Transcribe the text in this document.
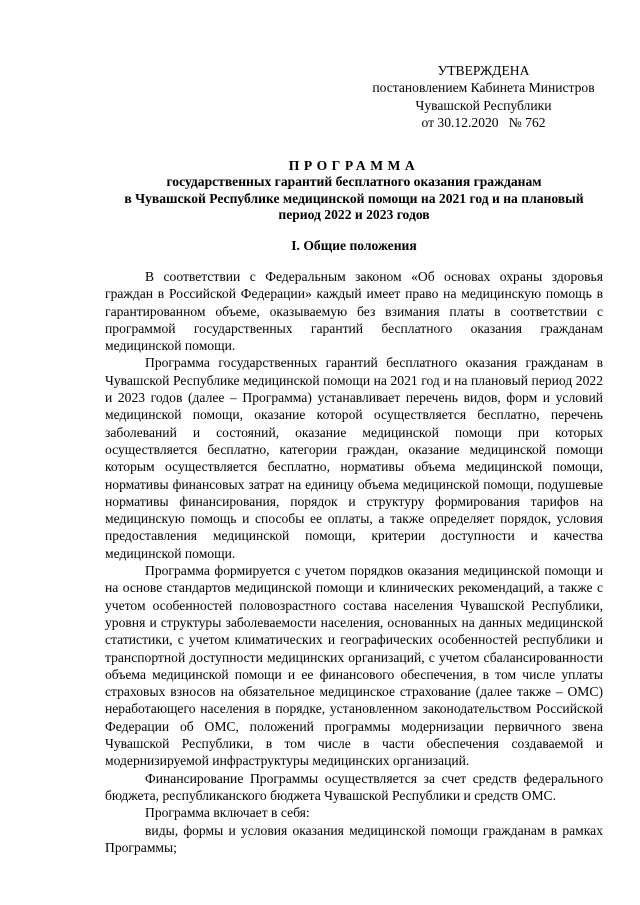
УТВЕРЖДЕНА
постановлением Кабинета Министров
Чувашской Республики
от 30.12.2020   № 762
ПРОГРАММА
государственных гарантий бесплатного оказания гражданам
в Чувашской Республике медицинской помощи на 2021 год и на плановый
период 2022 и 2023 годов
I. Общие положения

В соответствии с Федеральным законом «Об основах охраны здоровья граждан в Российской Федерации» каждый имеет право на медицинскую помощь в гарантированном объеме, оказываемую без взимания платы в соответствии с программой государственных гарантий бесплатного оказания гражданам медицинской помощи.

Программа государственных гарантий бесплатного оказания гражданам в Чувашской Республике медицинской помощи на 2021 год и на плановый период 2022 и 2023 годов (далее – Программа) устанавливает перечень видов, форм и условий медицинской помощи, оказание которой осуществляется бесплатно, перечень заболеваний и состояний, оказание медицинской помощи при которых осуществляется бесплатно, категории граждан, оказание медицинской помощи которым осуществляется бесплатно, нормативы объема медицинской помощи, нормативы финансовых затрат на единицу объема медицинской помощи, подушевые нормативы финансирования, порядок и структуру формирования тарифов на медицинскую помощь и способы ее оплаты, а также определяет порядок, условия предоставления медицинской помощи, критерии доступности и качества медицинской помощи.

Программа формируется с учетом порядков оказания медицинской помощи и на основе стандартов медицинской помощи и клинических рекомендаций, а также с учетом особенностей половозрастного состава населения Чувашской Республики, уровня и структуры заболеваемости населения, основанных на данных медицинской статистики, с учетом климатических и географических особенностей республики и транспортной доступности медицинских организаций, с учетом сбалансированности объема медицинской помощи и ее финансового обеспечения, в том числе уплаты страховых взносов на обязательное медицинское страхование (далее также – ОМС) неработающего населения в порядке, установленном законодательством Российской Федерации об ОМС, положений программы модернизации первичного звена Чувашской Республики, в том числе в части обеспечения создаваемой и модернизируемой инфраструктуры медицинских организаций.

Финансирование Программы осуществляется за счет средств федерального бюджета, республиканского бюджета Чувашской Республики и средств ОМС.

Программа включает в себя:

виды, формы и условия оказания медицинской помощи гражданам в рамках Программы;
